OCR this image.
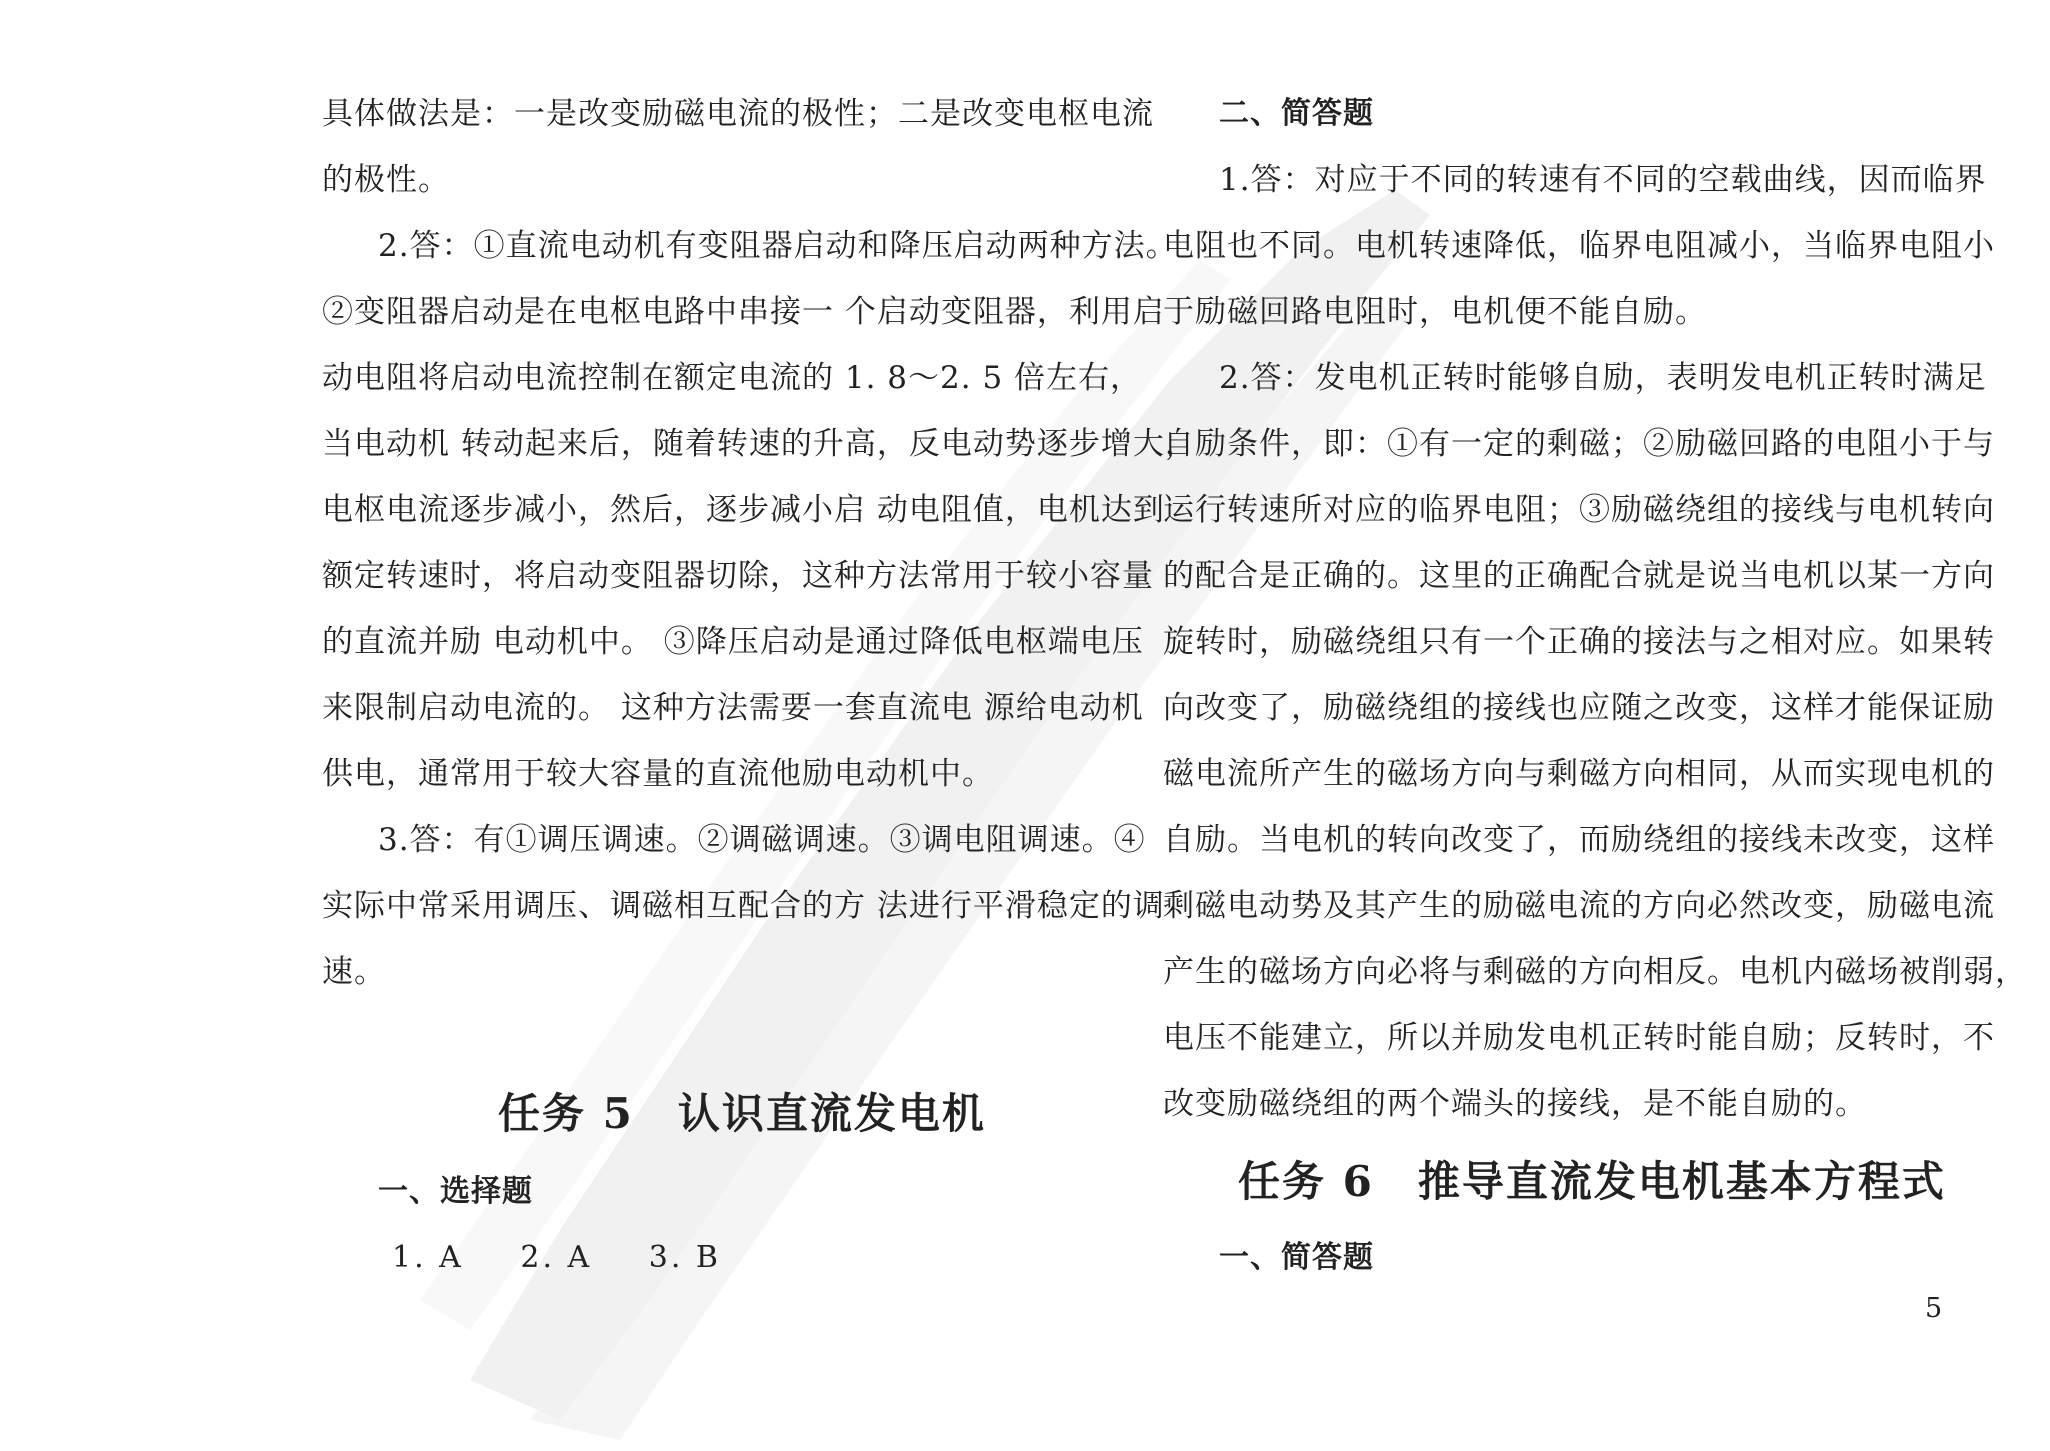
具体做法是：一是改变励磁电流的极性；二是改变电枢电流
的极性。
2.答：①直流电动机有变阻器启动和降压启动两种方法。
②变阻器启动是在电枢电路中串接一 个启动变阻器，利用启
动电阻将启动电流控制在额定电流的 1. 8～2. 5 倍左右，
当电动机 转动起来后，随着转速的升高，反电动势逐步增大，
电枢电流逐步减小，然后，逐步减小启 动电阻值，电机达到
额定转速时，将启动变阻器切除，这种方法常用于较小容量
的直流并励 电动机中。 ③降压启动是通过降低电枢端电压
来限制启动电流的。 这种方法需要一套直流电 源给电动机
供电，通常用于较大容量的直流他励电动机中。
3.答：有①调压调速。②调磁调速。③调电阻调速。④
实际中常采用调压、调磁相互配合的方 法进行平滑稳定的调
速。
任务 5　认识直流发电机
一、选择题
1. A 2. A 3. B
二、简答题
1.答：对应于不同的转速有不同的空载曲线，因而临界
电阻也不同。电机转速降低，临界电阻减小，当临界电阻小
于励磁回路电阻时，电机便不能自励。
2.答：发电机正转时能够自励，表明发电机正转时满足
自励条件，即：①有一定的剩磁；②励磁回路的电阻小于与
运行转速所对应的临界电阻；③励磁绕组的接线与电机转向
的配合是正确的。这里的正确配合就是说当电机以某一方向
旋转时，励磁绕组只有一个正确的接法与之相对应。如果转
向改变了，励磁绕组的接线也应随之改变，这样才能保证励
磁电流所产生的磁场方向与剩磁方向相同，从而实现电机的
自励。当电机的转向改变了，而励绕组的接线未改变，这样
剩磁电动势及其产生的励磁电流的方向必然改变，励磁电流
产生的磁场方向必将与剩磁的方向相反。电机内磁场被削弱，
电压不能建立，所以并励发电机正转时能自励；反转时，不
改变励磁绕组的两个端头的接线，是不能自励的。
任务 6　推导直流发电机基本方程式
一、简答题
5
